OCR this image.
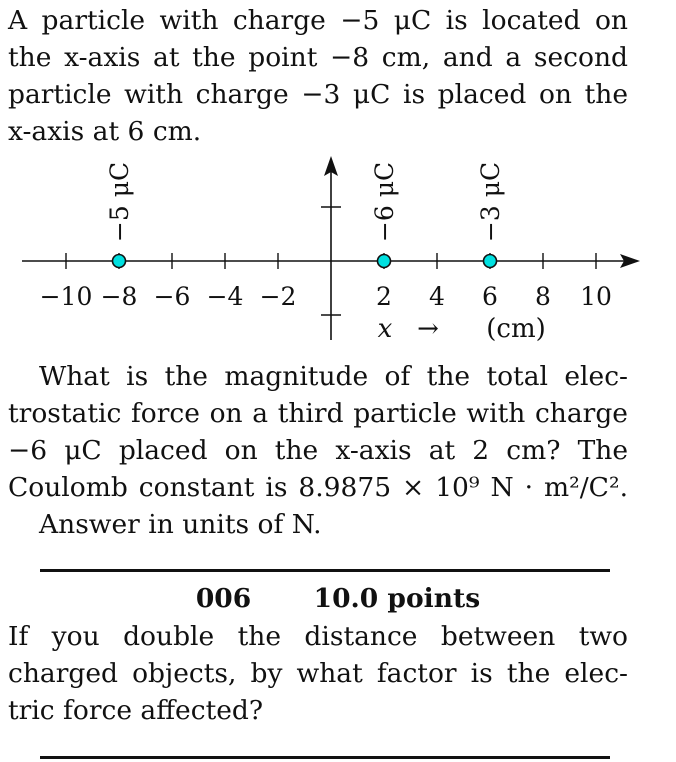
A particle with charge −5 μC is located on
the x-axis at the point −8 cm, and a second
particle with charge −3 μC is placed on the
x-axis at 6 cm.

−10 −8 −6 −4 −2	2 4 6 8 10
−5 μC	−6 μC	−3 μC
x → (cm)

What is the magnitude of the total elec-
trostatic force on a third particle with charge
−6 μC placed on the x-axis at 2 cm? The
Coulomb constant is 8.9875 × 10⁹ N · m²/C².
Answer in units of N.

006 10.0 points

If you double the distance between two
charged objects, by what factor is the elec-
tric force affected?
